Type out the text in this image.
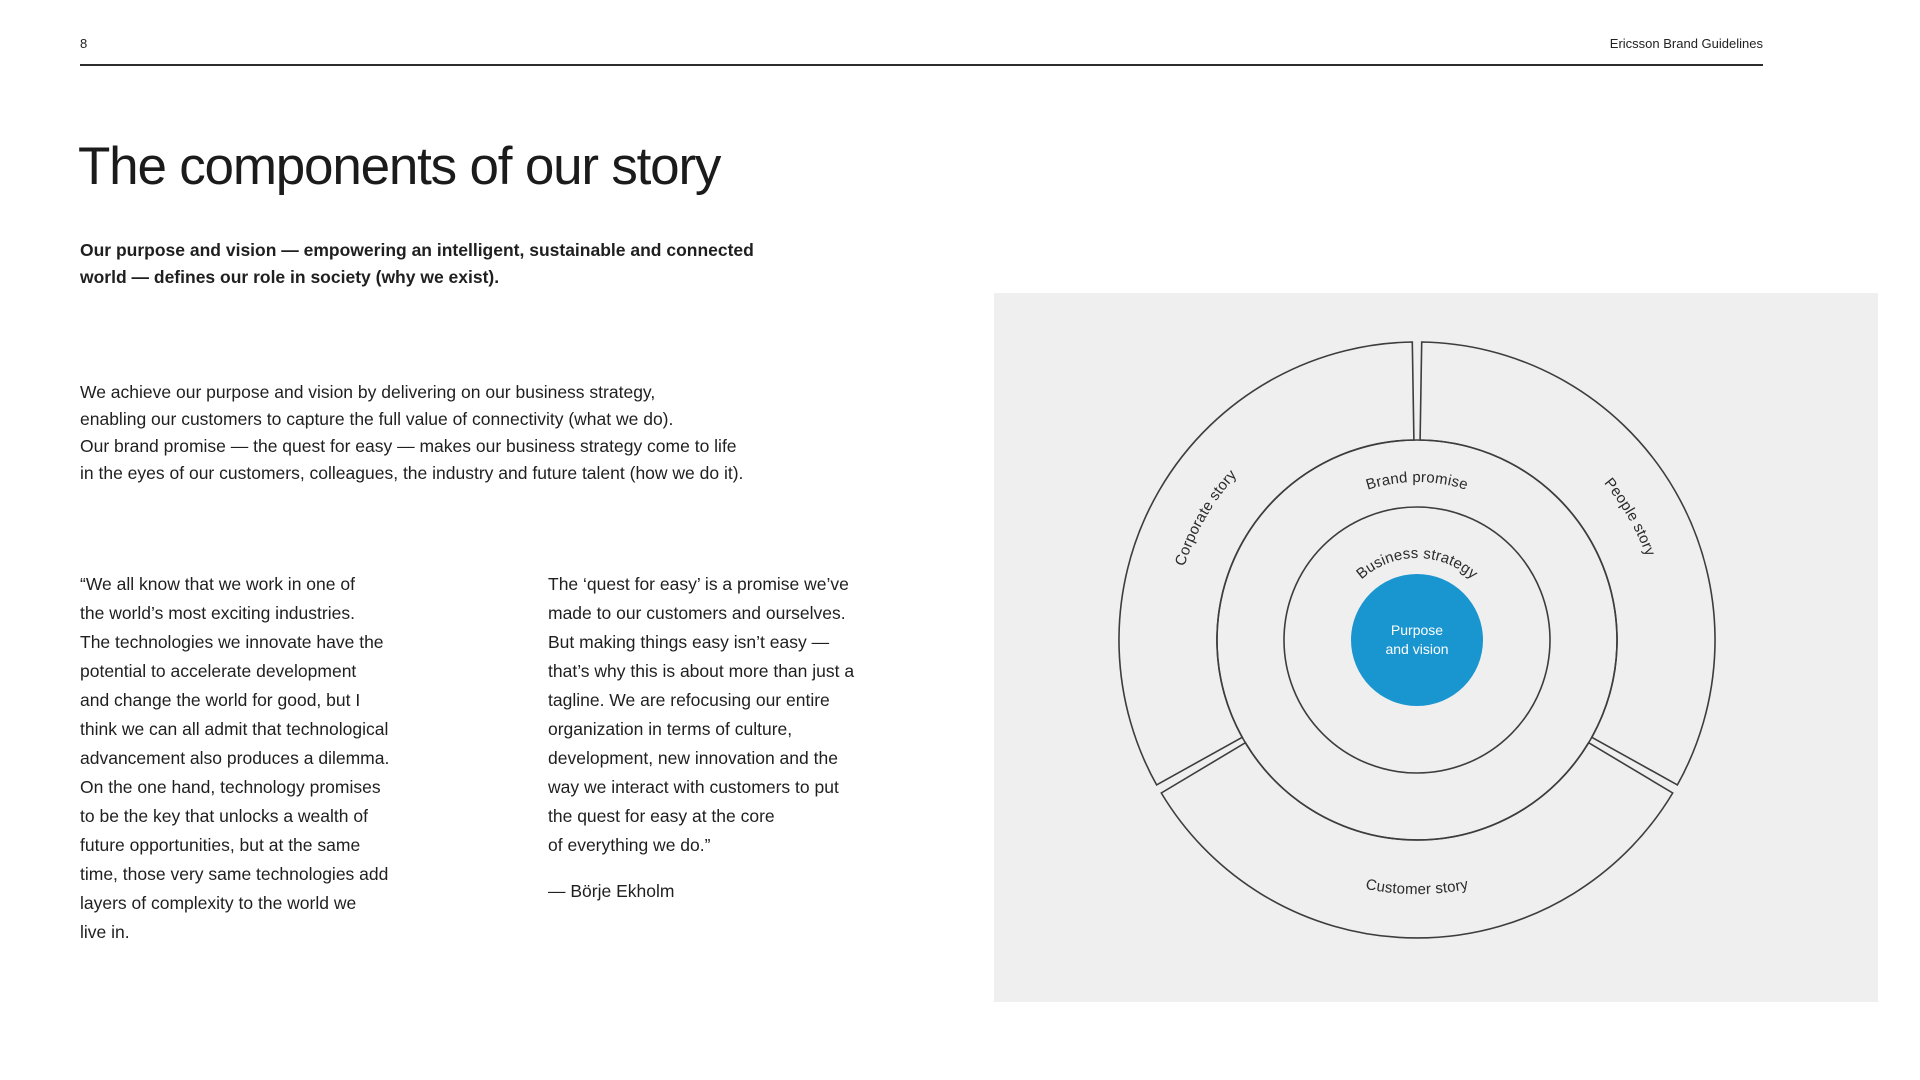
8	Ericsson Brand Guidelines
The components of our story
Our purpose and vision — empowering an intelligent, sustainable and connected
world — defines our role in society (why we exist).
We achieve our purpose and vision by delivering on our business strategy,
enabling our customers to capture the full value of connectivity (what we do).
Our brand promise — the quest for easy — makes our business strategy come to life
in the eyes of our customers, colleagues, the industry and future talent (how we do it).
“We all know that we work in one of
the world’s most exciting industries.
The technologies we innovate have the
potential to accelerate development
and change the world for good, but I
think we can all admit that technological
advancement also produces a dilemma.
On the one hand, technology promises
to be the key that unlocks a wealth of
future opportunities, but at the same
time, those very same technologies add
layers of complexity to the world we
live in.
The ‘quest for easy’ is a promise we’ve
made to our customers and ourselves.
But making things easy isn’t easy —
that’s why this is about more than just a
tagline. We are refocusing our entire
organization in terms of culture,
development, new innovation and the
way we interact with customers to put
the quest for easy at the core
of everything we do.”
— Börje Ekholm
Purpose
and vision
Business strategy
Brand promise
Corporate story	People story
Customer story
